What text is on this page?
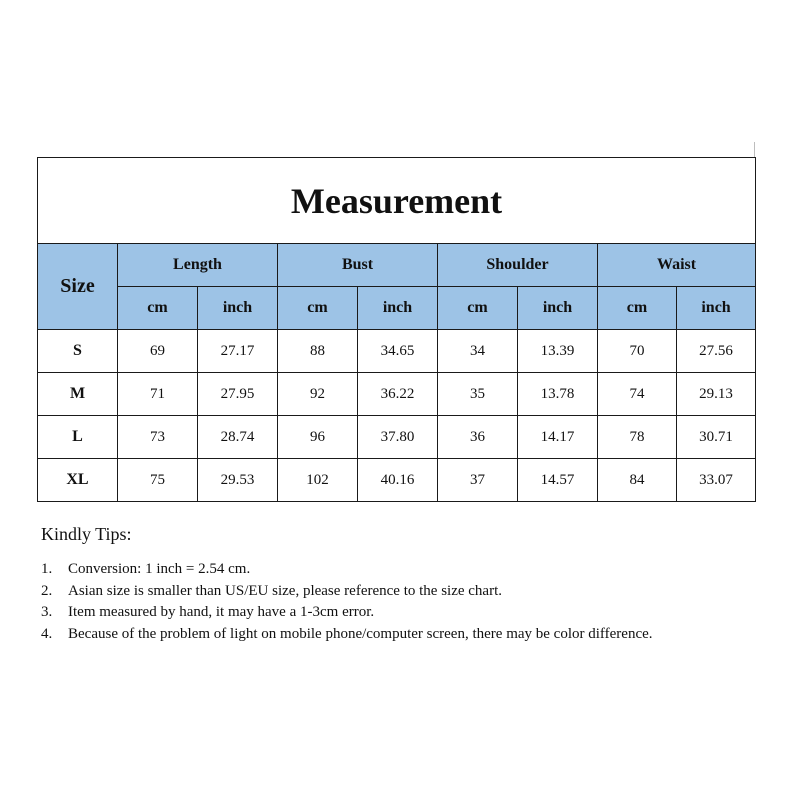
Measurement								
Size	Length		Bust		Shoulder		Waist	
	cm	inch	cm	inch	cm	inch	cm	inch
S	69	27.17	88	34.65	34	13.39	70	27.56
M	71	27.95	92	36.22	35	13.78	74	29.13
L	73	28.74	96	37.80	36	14.17	78	30.71
XL	75	29.53	102	40.16	37	14.57	84	33.07
Kindly Tips:
1.	Conversion: 1 inch = 2.54 cm.
2.	Asian size is smaller than US/EU size, please reference to the size chart.
3.	Item measured by hand, it may have a 1-3cm error.
4.	Because of the problem of light on mobile phone/computer screen, there may be color difference.
